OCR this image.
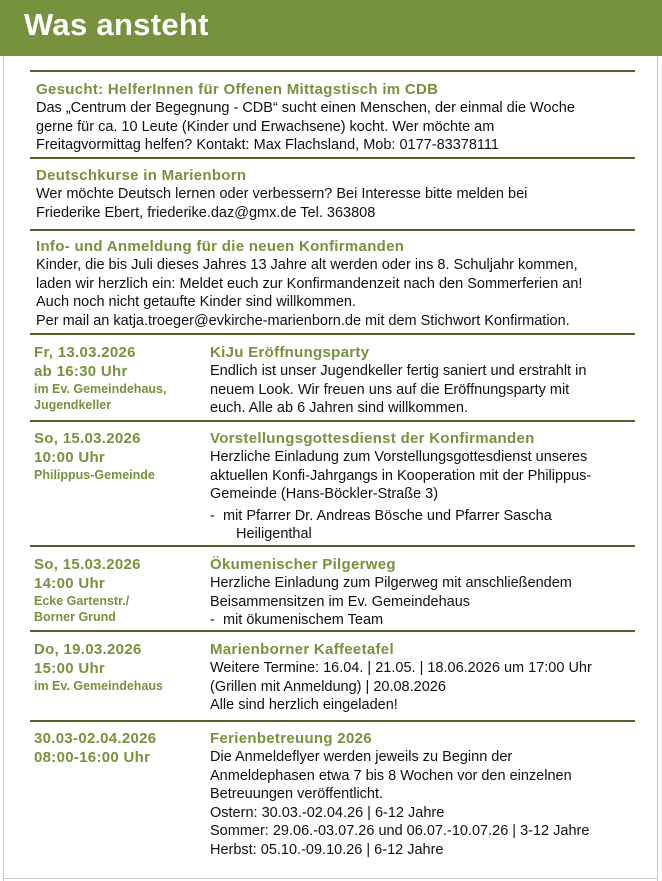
Was ansteht
Gesucht: HelferInnen für Offenen Mittagstisch im CDB

Das „Centrum der Begegnung - CDB“ sucht einen Menschen, der einmal die Woche

gerne für ca. 10 Leute (Kinder und Erwachsene) kocht. Wer möchte am

Freitagvormittag helfen? Kontakt: Max Flachsland, Mob: 0177-83378111

Deutschkurse in Marienborn

Wer möchte Deutsch lernen oder verbessern? Bei Interesse bitte melden bei

Friederike Ebert, friederike.daz@gmx.de Tel. 363808

Info- und Anmeldung für die neuen Konfirmanden

Kinder, die bis Juli dieses Jahres 13 Jahre alt werden oder ins 8. Schuljahr kommen,

laden wir herzlich ein: Meldet euch zur Konfirmandenzeit nach den Sommerferien an!

Auch noch nicht getaufte Kinder sind willkommen.

Per mail an katja.troeger@evkirche-marienborn.de mit dem Stichwort Konfirmation.

Fr, 13.03.2026
ab 16:30 Uhr
im Ev. Gemeindehaus,
Jugendkeller
KiJu Eröffnungsparty

Endlich ist unser Jugendkeller fertig saniert und erstrahlt in

neuem Look. Wir freuen uns auf die Eröffnungsparty mit

euch. Alle ab 6 Jahren sind willkommen.

So, 15.03.2026
10:00 Uhr
Philippus-Gemeinde
Vorstellungsgottesdienst der Konfirmanden

Herzliche Einladung zum Vorstellungsgottesdienst unseres

aktuellen Konfi-Jahrgangs in Kooperation mit der Philippus-

Gemeinde (Hans-Böckler-Straße 3)

- mit Pfarrer Dr. Andreas Bösche und Pfarrer Sascha

Heiligenthal

So, 15.03.2026
14:00 Uhr
Ecke Gartenstr./
Borner Grund
Ökumenischer Pilgerweg

Herzliche Einladung zum Pilgerweg mit anschließendem

Beisammensitzen im Ev. Gemeindehaus

- mit ökumenischem Team

Do, 19.03.2026
15:00 Uhr
im Ev. Gemeindehaus
Marienborner Kaffeetafel

Weitere Termine: 16.04. | 21.05. | 18.06.2026 um 17:00 Uhr

(Grillen mit Anmeldung) | 20.08.2026

Alle sind herzlich eingeladen!

30.03-02.04.2026
08:00-16:00 Uhr
Ferienbetreuung 2026

Die Anmeldeflyer werden jeweils zu Beginn der

Anmeldephasen etwa 7 bis 8 Wochen vor den einzelnen

Betreuungen veröffentlicht.

Ostern: 30.03.-02.04.26 | 6-12 Jahre

Sommer: 29.06.-03.07.26 und 06.07.-10.07.26 | 3-12 Jahre

Herbst: 05.10.-09.10.26 | 6-12 Jahre
